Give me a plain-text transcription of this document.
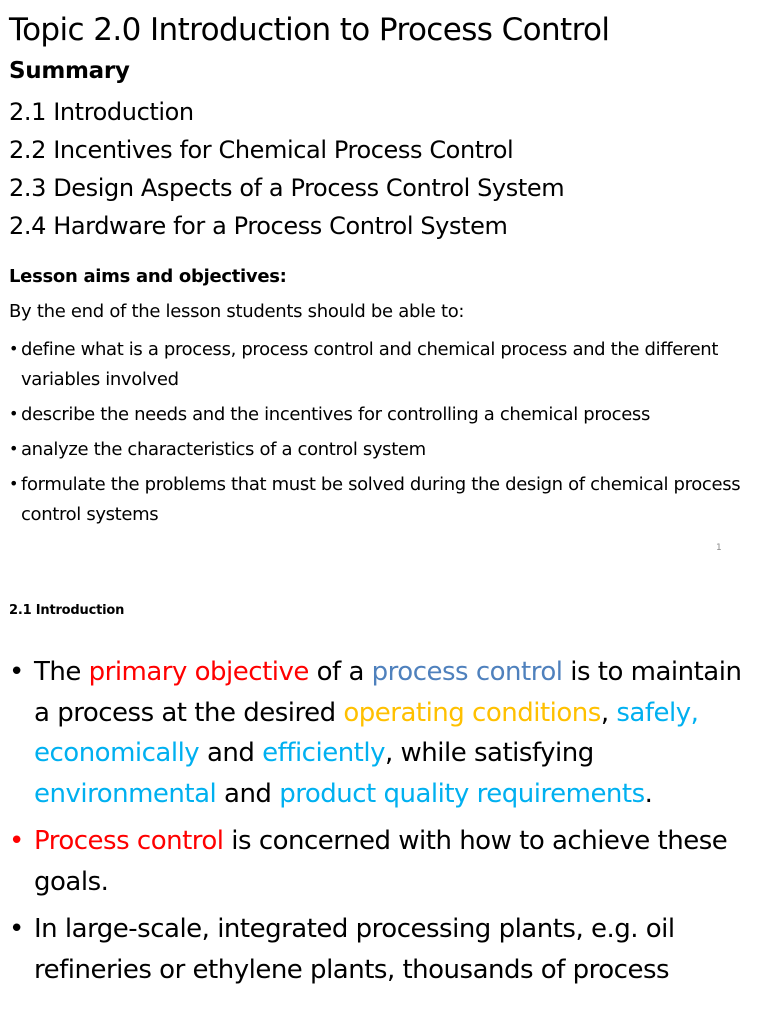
Topic 2.0 Introduction to Process Control
Summary
2.1 Introduction
2.2 Incentives for Chemical Process Control
2.3 Design Aspects of a Process Control System
2.4 Hardware for a Process Control System
Lesson aims and objectives:
By the end of the lesson students should be able to:
• define what is a process, process control and chemical process and the different variables involved
• describe the needs and the incentives for controlling a chemical process
• analyze the characteristics of a control system
• formulate the problems that must be solved during the design of chemical process control systems
1
2.1 Introduction
• The primary objective of a process control is to maintain a process at the desired operating conditions, safely, economically and efficiently, while satisfying environmental and product quality requirements.
• Process control is concerned with how to achieve these goals.
• In large-scale, integrated processing plants, e.g. oil refineries or ethylene plants, thousands of process
